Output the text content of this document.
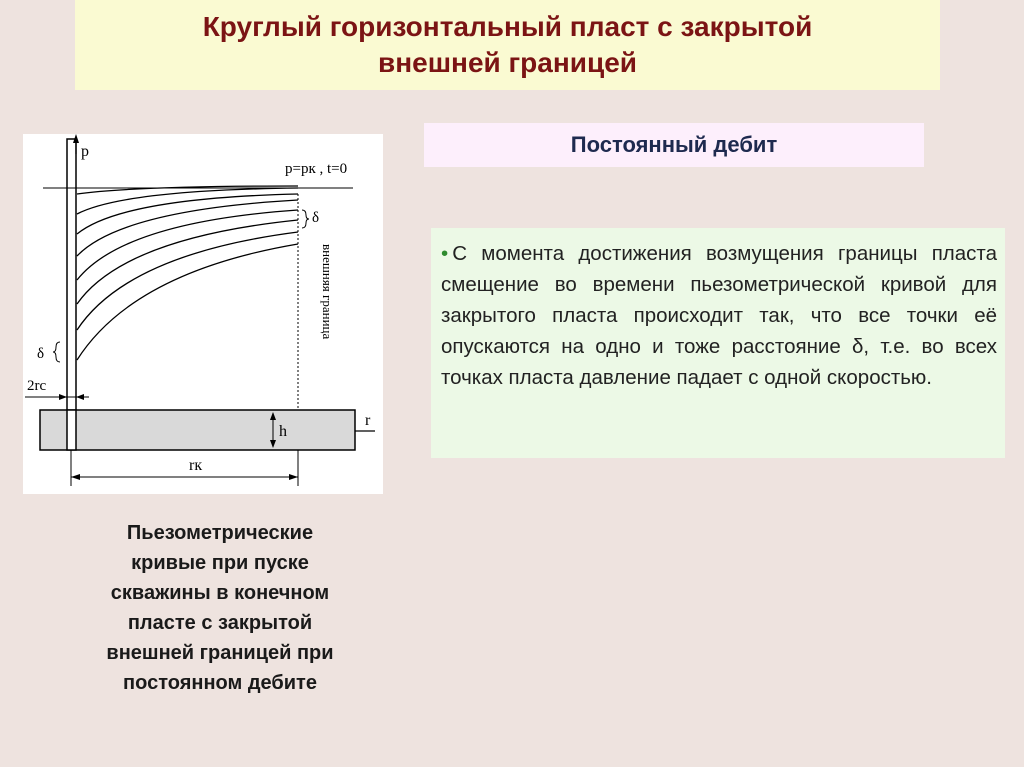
Круглый горизонтальный пласт с закрытой
внешней границей
Постоянный дебит

• С момента достижения возмущения границы пласта смещение во времени пьезометрической кривой для закрытого пласта происходит так, что все точки её опускаются на одно и тоже расстояние δ, т.е. во всех точках пласта давление падает с одной скоростью.

p
p=pк , t=0
δ
δ
внешняя граница
r
h
2rc
rк
Пьезометрические
кривые при пуске
скважины в конечном
пласте с закрытой
внешней границей при
постоянном дебите
